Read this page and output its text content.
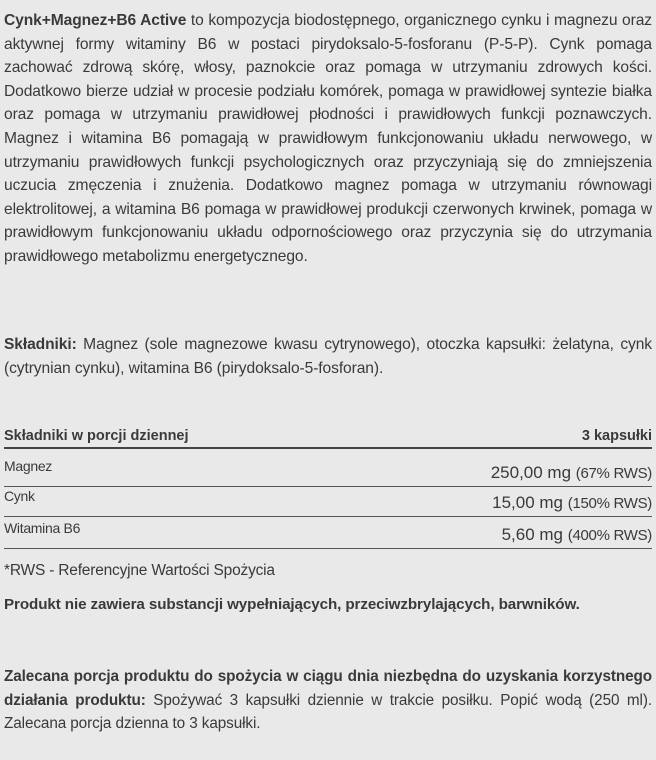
Cynk+Magnez+B6 Active to kompozycja biodostępnego, organicznego cynku i magnezu oraz aktywnej formy witaminy B6 w postaci pirydoksalo-5-fosforanu (P-5-P). Cynk pomaga zachować zdrową skórę, włosy, paznokcie oraz pomaga w utrzymaniu zdrowych kości. Dodatkowo bierze udział w procesie podziału komórek, pomaga w prawidłowej syntezie białka oraz pomaga w utrzymaniu prawidłowej płodności i prawidłowych funkcji poznawczych. Magnez i witamina B6 pomagają w prawidłowym funkcjonowaniu układu nerwowego, w utrzymaniu prawidłowych funkcji psychologicznych oraz przyczyniają się do zmniejszenia uczucia zmęczenia i znużenia. Dodatkowo magnez pomaga w utrzymaniu równowagi elektrolitowej, a witamina B6 pomaga w prawidłowej produkcji czerwonych krwinek, pomaga w prawidłowym funkcjonowaniu układu odpornościowego oraz przyczynia się do utrzymania prawidłowego metabolizmu energetycznego.

Składniki: Magnez (sole magnezowe kwasu cytrynowego), otoczka kapsułki: żelatyna, cynk (cytrynian cynku), witamina B6 (pirydoksalo-5-fosforan).

Składniki w porcji dziennej	3 kapsułki
Magnez	250,00 mg (67% RWS)
Cynk	15,00 mg (150% RWS)
Witamina B6	5,60 mg (400% RWS)
*RWS - Referencyjne Wartości Spożycia

Produkt nie zawiera substancji wypełniających, przeciwzbrylających, barwników.

Zalecana porcja produktu do spożycia w ciągu dnia niezbędna do uzyskania korzystnego działania produktu: Spożywać 3 kapsułki dziennie w trakcie posiłku. Popić wodą (250 ml). Zalecana porcja dzienna to 3 kapsułki.
